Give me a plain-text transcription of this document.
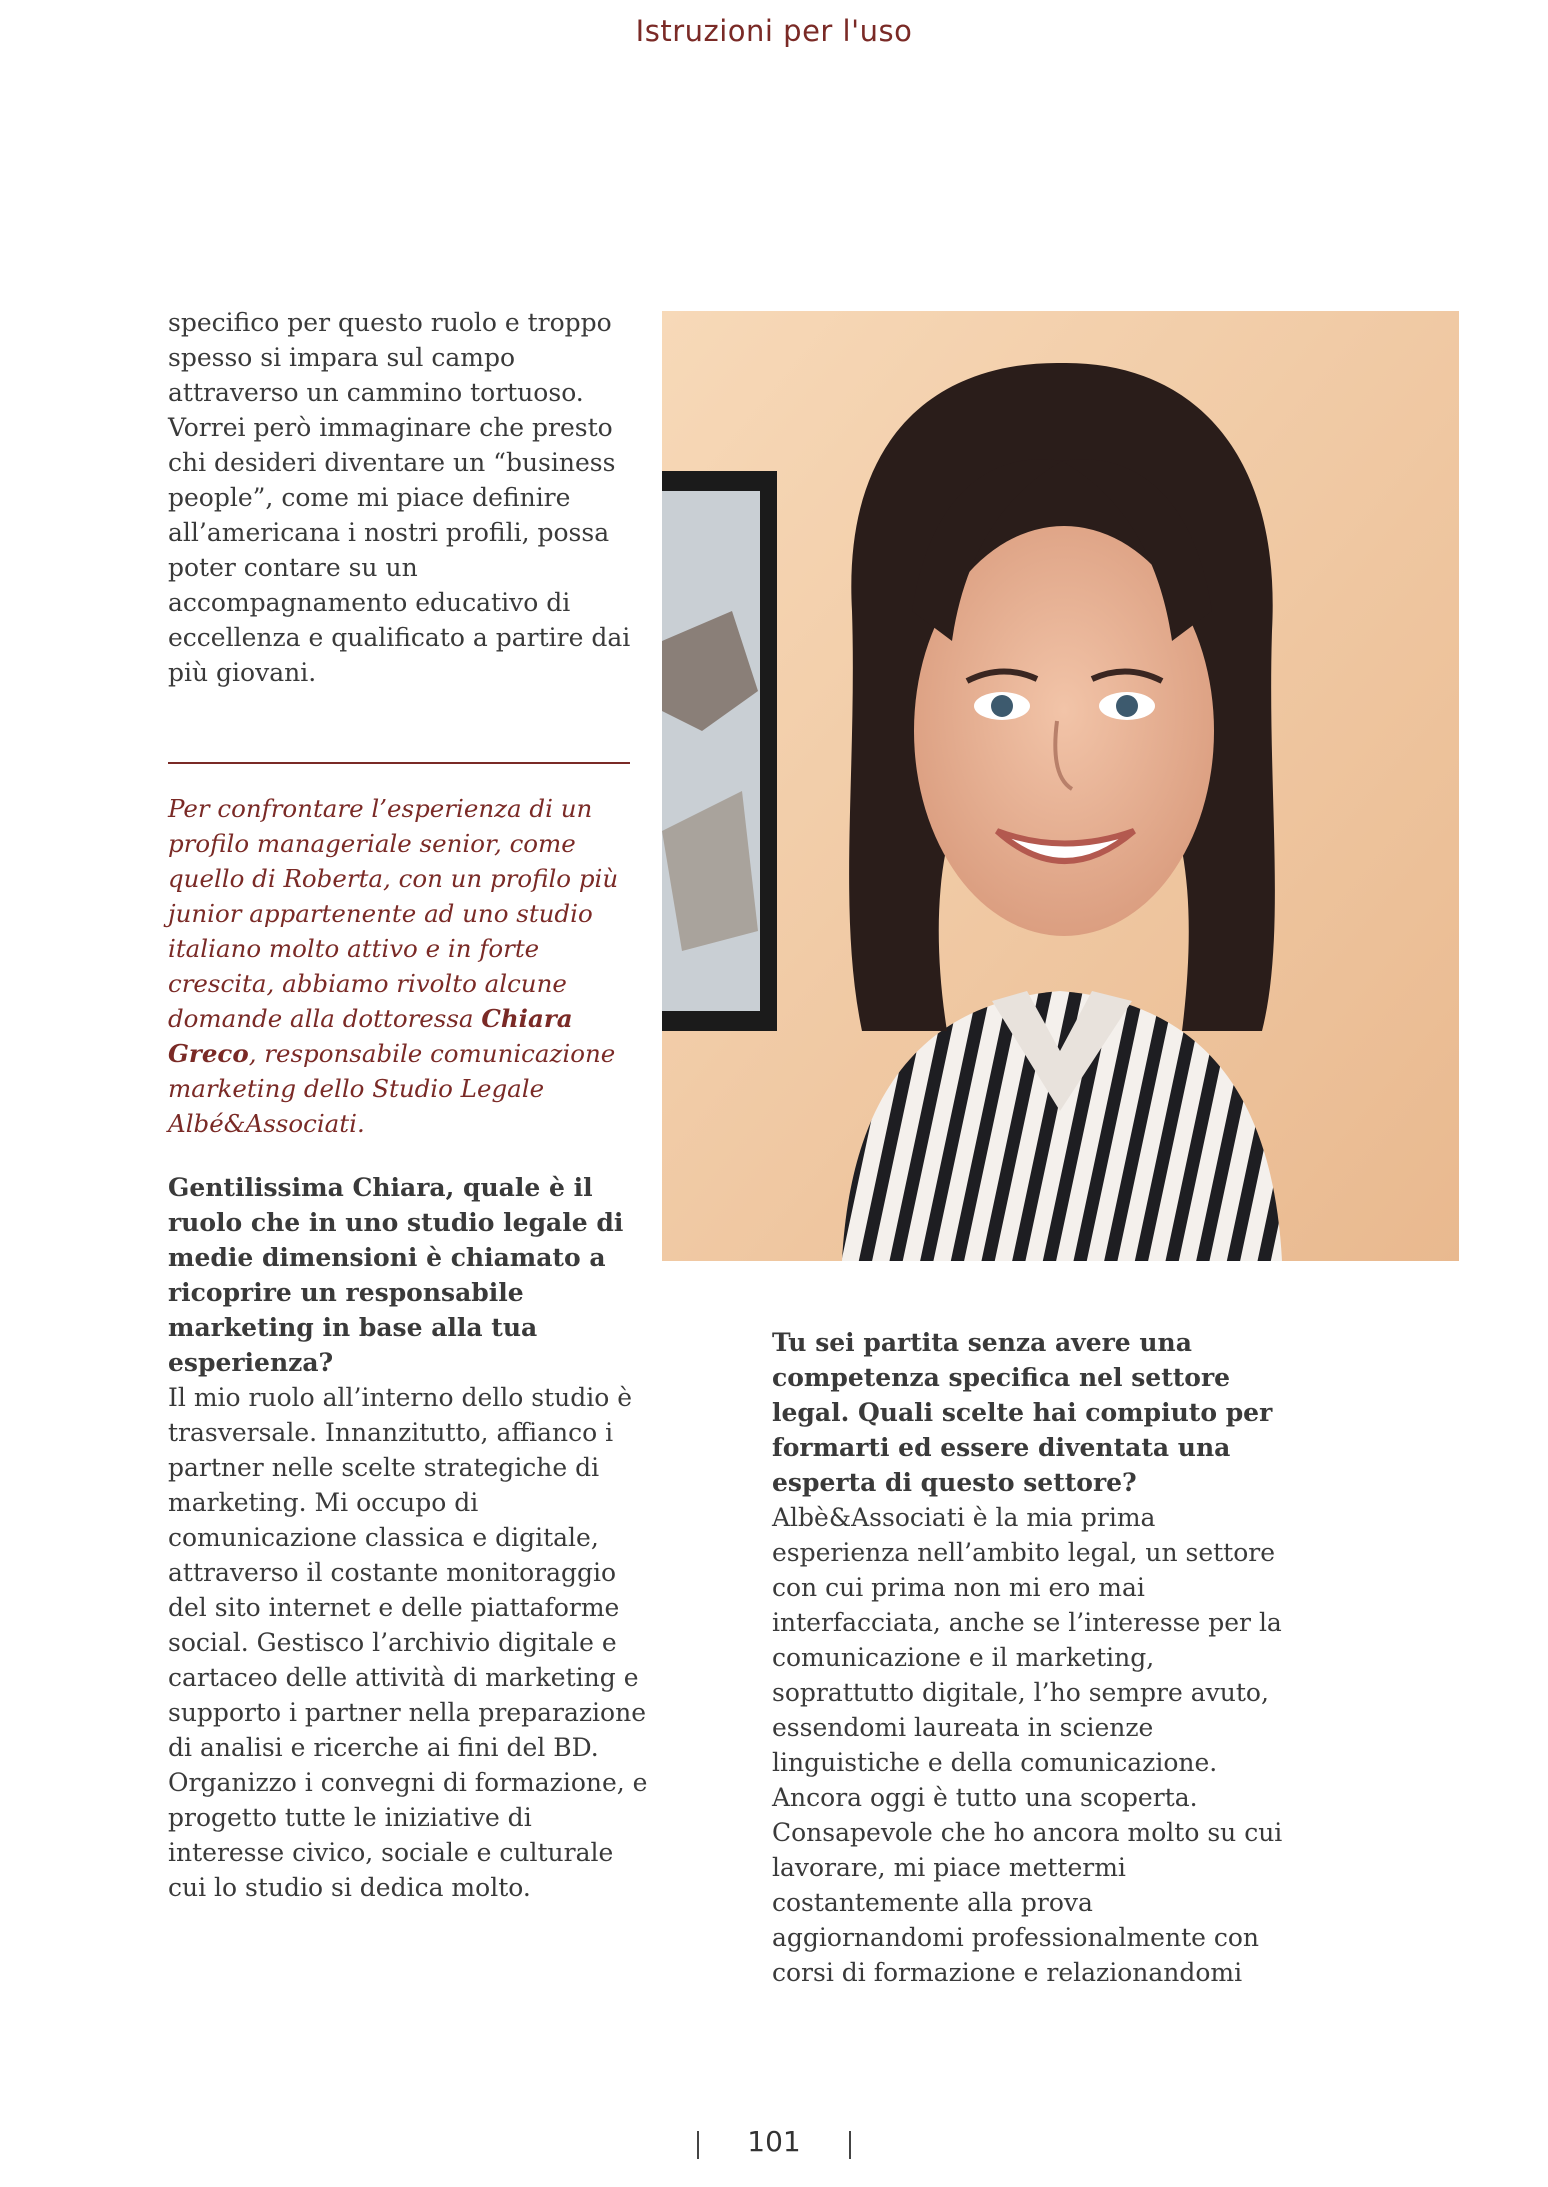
Istruzioni per l'uso

specifico per questo ruolo e troppo spesso si impara sul campo attraverso un cammino tortuoso. Vorrei però immaginare che presto chi desideri diventare un “business people”, come mi piace definire all’americana i nostri profili, possa poter contare su un accompagnamento educativo di eccellenza e qualificato a partire dai più giovani.

Per confrontare l’esperienza di un profilo manageriale senior, come quello di Roberta, con un profilo più junior appartenente ad uno studio italiano molto attivo e in forte crescita, abbiamo rivolto alcune domande alla dottoressa Chiara Greco, responsabile comunicazione marketing dello Studio Legale Albé&Associati.

Gentilissima Chiara, quale è il ruolo che in uno studio legale di medie dimensioni è chiamato a ricoprire un responsabile marketing in base alla tua esperienza?

Il mio ruolo all’interno dello studio è trasversale. Innanzitutto, affianco i partner nelle scelte strategiche di marketing. Mi occupo di comunicazione classica e digitale, attraverso il costante monitoraggio del sito internet e delle piattaforme social. Gestisco l’archivio digitale e cartaceo delle attività di marketing e supporto i partner nella preparazione di analisi e ricerche ai fini del BD. Organizzo i convegni di formazione, e progetto tutte le iniziative di interesse civico, sociale e culturale cui lo studio si dedica molto.

Tu sei partita senza avere una competenza specifica nel settore legal. Quali scelte hai compiuto per formarti ed essere diventata una esperta di questo settore?

Albè&Associati è la mia prima esperienza nell’ambito legal, un settore con cui prima non mi ero mai interfacciata, anche se l’interesse per la comunicazione e il marketing, soprattutto digitale, l’ho sempre avuto, essendomi laureata in scienze linguistiche e della comunicazione. Ancora oggi è tutto una scoperta. Consapevole che ho ancora molto su cui lavorare, mi piace mettermi costantemente alla prova aggiornandomi professionalmente con corsi di formazione e relazionandomi

101
